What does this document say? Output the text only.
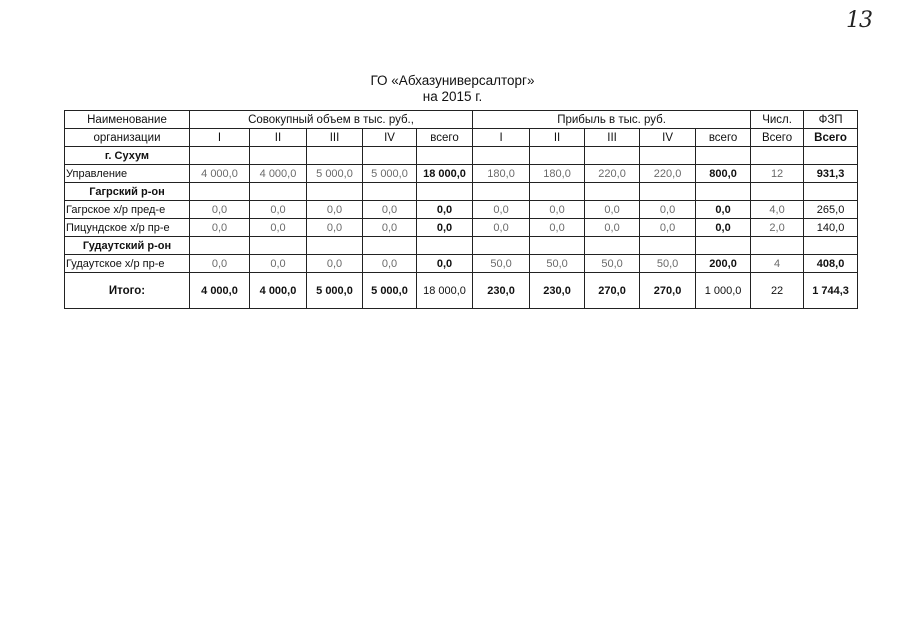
13
ГО «Абхазуниверсалторг»
на 2015 г.
Наименование	Совокупный объем в тыс. руб.,					Прибыль в тыс. руб.					Числ.	ФЗП
организации	I	II	III	IV	всего	I	II	III	IV	всего	Всего	Всего
г. Сухум												
Управление	4 000,0	4 000,0	5 000,0	5 000,0	18 000,0	180,0	180,0	220,0	220,0	800,0	12	931,3
Гагрский р-он												
Гагрское х/р пред-е	0,0	0,0	0,0	0,0	0,0	0,0	0,0	0,0	0,0	0,0	4,0	265,0
Пицундское х/р пр-е	0,0	0,0	0,0	0,0	0,0	0,0	0,0	0,0	0,0	0,0	2,0	140,0
Гудаутский р-он												
Гудаутское х/р пр-е	0,0	0,0	0,0	0,0	0,0	50,0	50,0	50,0	50,0	200,0	4	408,0
Итого:	4 000,0	4 000,0	5 000,0	5 000,0	18 000,0	230,0	230,0	270,0	270,0	1 000,0	22	1 744,3
